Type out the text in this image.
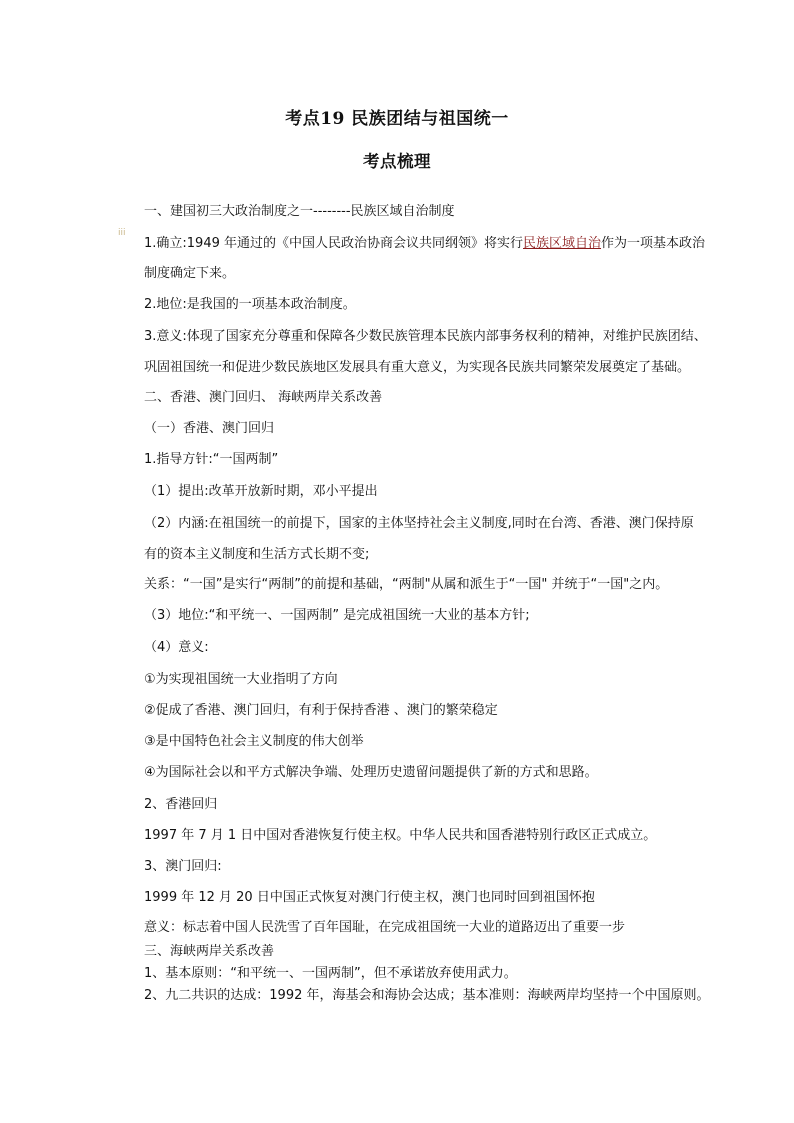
考点19 民族团结与祖国统一
考点梳理
iii
一、建国初三大政治制度之一--------民族区域自治制度
1.确立:1949 年通过的《中国人民政治协商会议共同纲领》将实行民族区域自治作为一项基本政治
制度确定下来。
2.地位:是我国的一项基本政治制度。
3.意义:体现了国家充分尊重和保障各少数民族管理本民族内部事务权利的精神，对维护民族团结、
巩固祖国统一和促进少数民族地区发展具有重大意义，为实现各民族共同繁荣发展奠定了基础。
二、香港、澳门回归、 海峡两岸关系改善
（一）香港、澳门回归
1.指导方针:“一国两制”
（1）提出:改革开放新时期，邓小平提出
（2）内涵:在祖国统一的前提下，国家的主体坚持社会主义制度,同时在台湾、香港、澳门保持原
有的资本主义制度和生活方式长期不变;
关系：“一国”是实行“两制”的前提和基础，“两制"从属和派生于“一国" 并统于“一国"之内。
（3）地位:“和平统一、一国两制” 是完成祖国统一大业的基本方针;
（4）意义:
①为实现祖国统一大业指明了方向
②促成了香港、澳门回归，有利于保持香港 、澳门的繁荣稳定
③是中国特色社会主义制度的伟大创举
④为国际社会以和平方式解决争端、处理历史遗留问题提供了新的方式和思路。
2、香港回归
1997 年 7 月 1 日中国对香港恢复行使主权。中华人民共和国香港特别行政区正式成立。
3、澳门回归:
1999 年 12 月 20 日中国正式恢复对澳门行使主权，澳门也同时回到祖国怀抱
意义：标志着中国人民洗雪了百年国耻，在完成祖国统一大业的道路迈出了重要一步
三、海峡两岸关系改善
1、基本原则：“和平统一、一国两制”，但不承诺放弃使用武力。
2、九二共识的达成：1992 年，海基会和海协会达成；基本准则：海峡两岸均坚持一个中国原则。
